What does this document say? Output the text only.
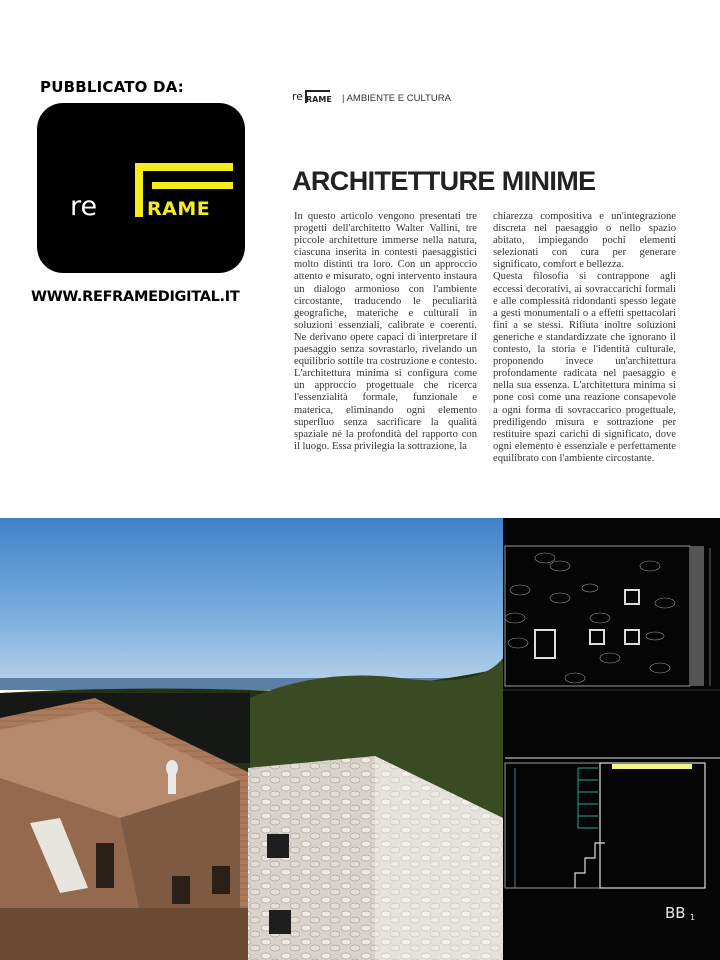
PUBBLICATO DA:
re	RAME
WWW.REFRAMEDIGITAL.IT
re RAME | AMBIENTE E CULTURA
ARCHITETTURE MINIME

In questo articolo vengono presentati tre progetti dell'architetto Walter Vallini, tre piccole architetture immerse nella natura, ciascuna inserita in contesti paesaggistici molto distinti tra loro. Con un approccio attento e misurato, ogni intervento instaura un dialogo armonioso con l'ambiente circostante, traducendo le peculiarità geografiche, materiche e culturali in soluzioni essenziali, calibrate e coerenti. Ne derivano opere capaci di interpretare il paesaggio senza sovrastarlo, rivelando un equilibrio sottile tra costruzione e contesto.

L'architettura minima si configura come un approccio progettuale che ricerca l'essenzialità formale, funzionale e materica, eliminando ogni elemento superfluo senza sacrificare la qualità spaziale né la profondità del rapporto con il luogo. Essa privilegia la sottrazione, la

chiarezza compositiva e un'integrazione discreta nel paesaggio o nello spazio abitato, impiegando pochi elementi selezionati con cura per generare significato, comfort e bellezza.

Questa filosofia si contrappone agli eccessi decorativi, ai sovraccarichi formali e alle complessità ridondanti spesso legate a gesti monumentali o a effetti spettacolari fini a se stessi. Rifiuta inoltre soluzioni generiche e standardizzate che ignorano il contesto, la storia e l'identità culturale, proponendo invece un'architettura profondamente radicata nel paesaggio e nella sua essenza. L'architettura minima si pone così come una reazione consapevole a ogni forma di sovraccarico progettuale, prediligendo misura e sottrazione per restituire spazi carichi di significato, dove ogni elemento è essenziale e perfettamente equilibrato con l'ambiente circostante.

BB 1
